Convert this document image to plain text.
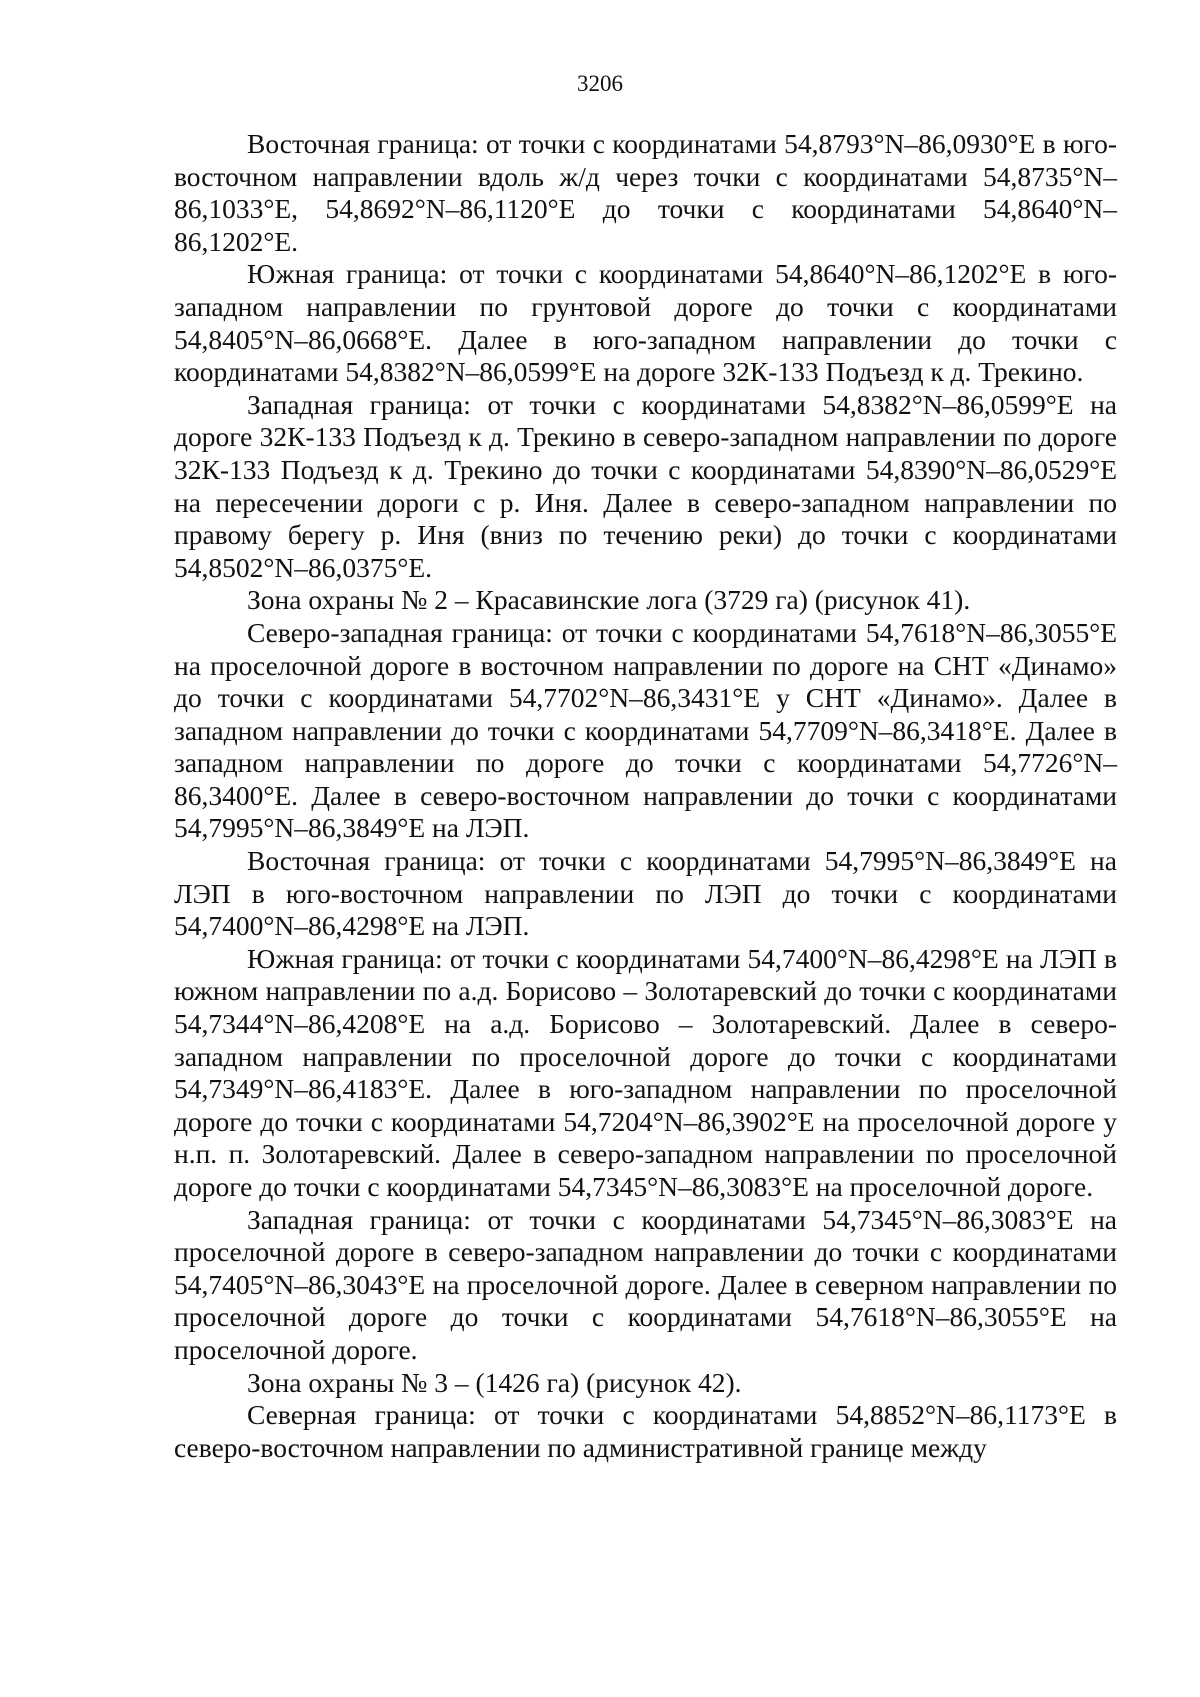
3206

Восточная граница: от точки с координатами 54,8793°N–86,0930°E в юго-восточном направлении вдоль ж/д через точки с координатами 54,8735°N–86,1033°E, 54,8692°N–86,1120°E до точки с координатами 54,8640°N–86,1202°E.

Южная граница: от точки с координатами 54,8640°N–86,1202°E в юго-западном направлении по грунтовой дороге до точки с координатами 54,8405°N–86,0668°E. Далее в юго-западном направлении до точки с координатами 54,8382°N–86,0599°E на дороге 32К-133 Подъезд к д. Трекино.

Западная граница: от точки с координатами 54,8382°N–86,0599°E на дороге 32К-133 Подъезд к д. Трекино в северо-западном направлении по дороге 32К-133 Подъезд к д. Трекино до точки с координатами 54,8390°N–86,0529°E на пересечении дороги с р. Иня. Далее в северо-западном направлении по правому берегу р. Иня (вниз по течению реки) до точки с координатами 54,8502°N–86,0375°E.

Зона охраны № 2 – Красавинские лога (3729 га) (рисунок 41).

Северо-западная граница: от точки с координатами 54,7618°N–86,3055°E на проселочной дороге в восточном направлении по дороге на СНТ «Динамо» до точки с координатами 54,7702°N–86,3431°E у СНТ «Динамо». Далее в западном направлении до точки с координатами 54,7709°N–86,3418°E. Далее в западном направлении по дороге до точки с координатами 54,7726°N–86,3400°E. Далее в северо-восточном направлении до точки с координатами 54,7995°N–86,3849°E на ЛЭП.

Восточная граница: от точки с координатами 54,7995°N–86,3849°E на ЛЭП в юго-восточном направлении по ЛЭП до точки с координатами 54,7400°N–86,4298°E на ЛЭП.

Южная граница: от точки с координатами 54,7400°N–86,4298°E на ЛЭП в южном направлении по а.д. Борисово – Золотаревский до точки с координатами 54,7344°N–86,4208°E на а.д. Борисово – Золотаревский. Далее в северо-западном направлении по проселочной дороге до точки с координатами 54,7349°N–86,4183°E. Далее в юго-западном направлении по проселочной дороге до точки с координатами 54,7204°N–86,3902°E на проселочной дороге у н.п. п. Золотаревский. Далее в северо-западном направлении по проселочной дороге до точки с координатами 54,7345°N–86,3083°E на проселочной дороге.

Западная граница: от точки с координатами 54,7345°N–86,3083°E на проселочной дороге в северо-западном направлении до точки с координатами 54,7405°N–86,3043°E на проселочной дороге. Далее в северном направлении по проселочной дороге до точки с координатами 54,7618°N–86,3055°E на проселочной дороге.

Зона охраны № 3 – (1426 га) (рисунок 42).

Северная граница: от точки с координатами 54,8852°N–86,1173°E в северо-восточном направлении по административной границе между
